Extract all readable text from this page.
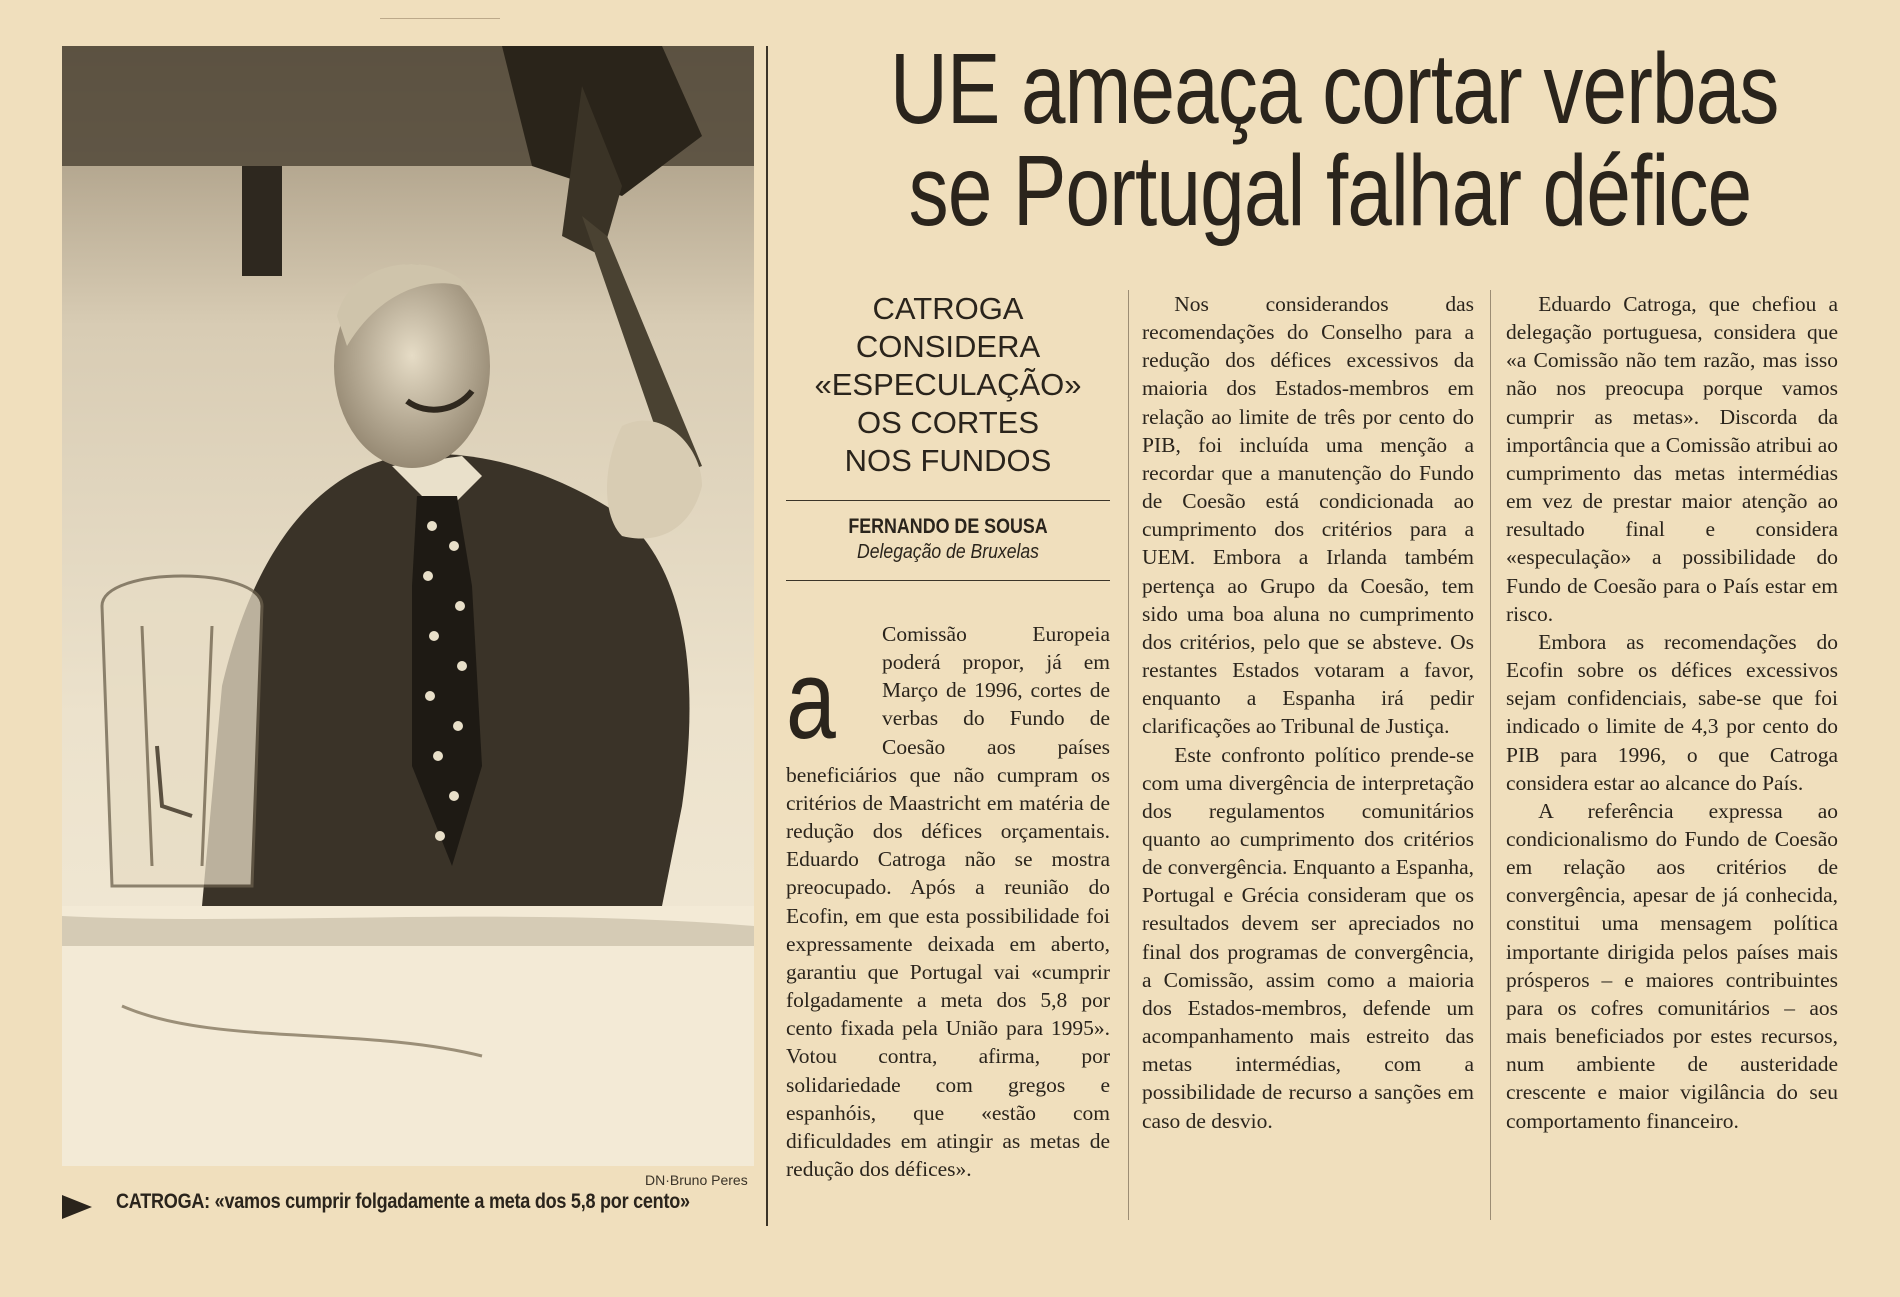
DN·Bruno Peres
CATROGA: «vamos cumprir folgadamente a meta dos 5,8 por cento»
UE ameaça cortar verbas
se Portugal falhar défice
CATROGA
CONSIDERA
«ESPECULAÇÃO»
OS CORTES
NOS FUNDOS
FERNANDO DE SOUSA
Delegação de Bruxelas
a

Comissão Europeia poderá propor, já em Março de 1996, cortes de verbas do Fundo de Coesão aos países beneficiários que não cumpram os critérios de Maastricht em matéria de redução dos défices orçamentais. Eduardo Catroga não se mostra preocupado. Após a reunião do Ecofin, em que esta possibilidade foi expressamente deixada em aberto, garantiu que Portugal vai «cumprir folgadamente a meta dos 5,8 por cento fixada pela União para 1995». Votou contra, afirma, por solidariedade com gregos e espanhóis, que «estão com dificuldades em atingir as metas de redução dos défices».

Nos considerandos das recomendações do Conselho para a redução dos défices excessivos da maioria dos Estados-membros em relação ao limite de três por cento do PIB, foi incluída uma menção a recordar que a manutenção do Fundo de Coesão está condicionada ao cumprimento dos critérios para a UEM. Embora a Irlanda também pertença ao Grupo da Coesão, tem sido uma boa aluna no cumprimento dos critérios, pelo que se absteve. Os restantes Estados votaram a favor, enquanto a Espanha irá pedir clarificações ao Tribunal de Justiça.

Este confronto político prende-se com uma divergência de interpretação dos regulamentos comunitários quanto ao cumprimento dos critérios de convergência. Enquanto a Espanha, Portugal e Grécia consideram que os resultados devem ser apreciados no final dos programas de convergência, a Comissão, assim como a maioria dos Estados-membros, defende um acompanhamento mais estreito das metas intermédias, com a possibilidade de recurso a sanções em caso de desvio.

Eduardo Catroga, que chefiou a delegação portuguesa, considera que «a Comissão não tem razão, mas isso não nos preocupa porque vamos cumprir as metas». Discorda da importância que a Comissão atribui ao cumprimento das metas intermédias em vez de prestar maior atenção ao resultado final e considera «especulação» a possibilidade do Fundo de Coesão para o País estar em risco.

Embora as recomendações do Ecofin sobre os défices excessivos sejam confidenciais, sabe-se que foi indicado o limite de 4,3 por cento do PIB para 1996, o que Catroga considera estar ao alcance do País.

A referência expressa ao condicionalismo do Fundo de Coesão em relação aos critérios de convergência, apesar de já conhecida, constitui uma mensagem política importante dirigida pelos países mais prósperos – e maiores contribuintes para os cofres comunitários – aos mais beneficiados por estes recursos, num ambiente de austeridade crescente e maior vigilância do seu comportamento financeiro.
